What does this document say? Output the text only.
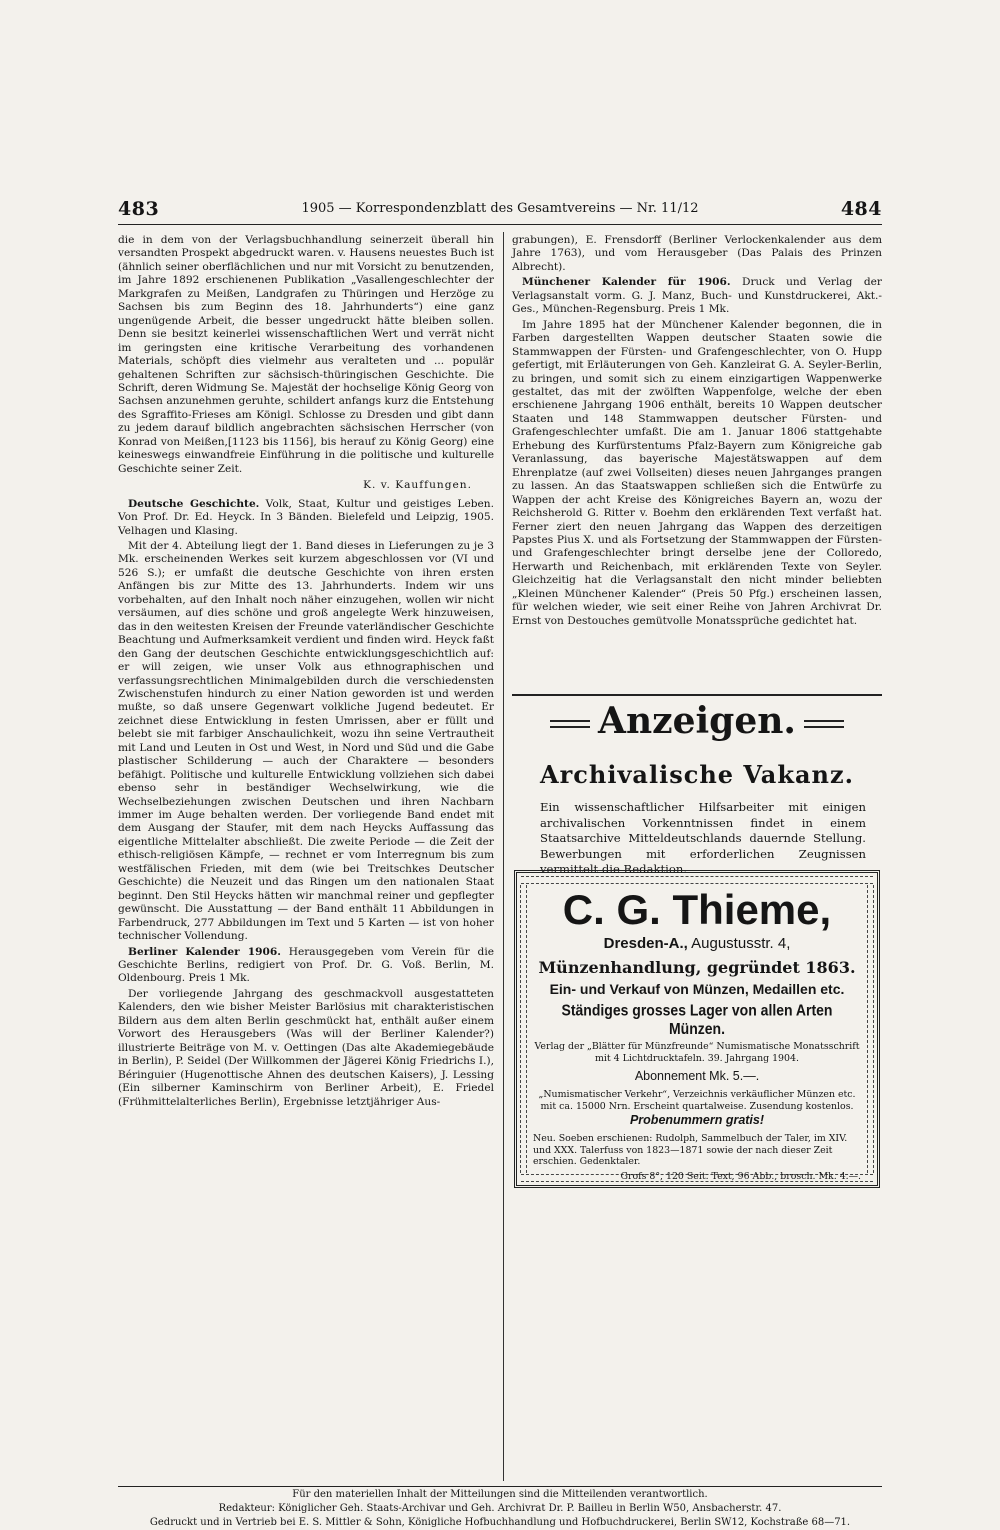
483	1905 — Korrespondenzblatt des Gesamtvereins — Nr. 11/12	484

die in dem von der Verlagsbuchhandlung seinerzeit überall hin versandten Prospekt abgedruckt waren. v. Hausens neuestes Buch ist (ähnlich seiner oberflächlichen und nur mit Vorsicht zu benutzenden, im Jahre 1892 erschienenen Publikation „Vasallengeschlechter der Markgrafen zu Meißen, Landgrafen zu Thüringen und Herzöge zu Sachsen bis zum Beginn des 18. Jahrhunderts“) eine ganz ungenügende Arbeit, die besser ungedruckt hätte bleiben sollen. Denn sie besitzt keinerlei wissenschaftlichen Wert und verrät nicht im geringsten eine kritische Verarbeitung des vorhandenen Materials, schöpft dies vielmehr aus veralteten und ... populär gehaltenen Schriften zur sächsisch-thüringischen Geschichte. Die Schrift, deren Widmung Se. Majestät der hochselige König Georg von Sachsen anzunehmen geruhte, schildert anfangs kurz die Entstehung des Sgraffito-Frieses am Königl. Schlosse zu Dresden und gibt dann zu jedem darauf bildlich angebrachten sächsischen Herrscher (von Konrad von Meißen,[1123 bis 1156], bis herauf zu König Georg) eine keineswegs einwandfreie Einführung in die politische und kulturelle Geschichte seiner Zeit.

K. v. Kauffungen.

Deutsche Geschichte. Volk, Staat, Kultur und geistiges Leben. Von Prof. Dr. Ed. Heyck. In 3 Bänden. Bielefeld und Leipzig, 1905. Velhagen und Klasing.

Mit der 4. Abteilung liegt der 1. Band dieses in Lieferungen zu je 3 Mk. erscheinenden Werkes seit kurzem abgeschlossen vor (VI und 526 S.); er umfaßt die deutsche Geschichte von ihren ersten Anfängen bis zur Mitte des 13. Jahrhunderts. Indem wir uns vorbehalten, auf den Inhalt noch näher einzugehen, wollen wir nicht versäumen, auf dies schöne und groß angelegte Werk hinzuweisen, das in den weitesten Kreisen der Freunde vaterländischer Geschichte Beachtung und Aufmerksamkeit verdient und finden wird. Heyck faßt den Gang der deutschen Geschichte entwicklungsgeschichtlich auf: er will zeigen, wie unser Volk aus ethnographischen und verfassungsrechtlichen Minimalgebilden durch die verschiedensten Zwischenstufen hindurch zu einer Nation geworden ist und werden mußte, so daß unsere Gegenwart volkliche Jugend bedeutet. Er zeichnet diese Entwicklung in festen Umrissen, aber er füllt und belebt sie mit farbiger Anschaulichkeit, wozu ihn seine Vertrautheit mit Land und Leuten in Ost und West, in Nord und Süd und die Gabe plastischer Schilderung — auch der Charaktere — besonders befähigt. Politische und kulturelle Entwicklung vollziehen sich dabei ebenso sehr in beständiger Wechselwirkung, wie die Wechselbeziehungen zwischen Deutschen und ihren Nachbarn immer im Auge behalten werden. Der vorliegende Band endet mit dem Ausgang der Staufer, mit dem nach Heycks Auffassung das eigentliche Mittelalter abschließt. Die zweite Periode — die Zeit der ethisch-religiösen Kämpfe, — rechnet er vom Interregnum bis zum westfälischen Frieden, mit dem (wie bei Treitschkes Deutscher Geschichte) die Neuzeit und das Ringen um den nationalen Staat beginnt. Den Stil Heycks hätten wir manchmal reiner und gepflegter gewünscht. Die Ausstattung — der Band enthält 11 Abbildungen in Farbendruck, 277 Abbildungen im Text und 5 Karten — ist von hoher technischer Vollendung.

Berliner Kalender 1906. Herausgegeben vom Verein für die Geschichte Berlins, redigiert von Prof. Dr. G. Voß. Berlin, M. Oldenbourg. Preis 1 Mk.

Der vorliegende Jahrgang des geschmackvoll ausgestatteten Kalenders, den wie bisher Meister Barlösius mit charakteristischen Bildern aus dem alten Berlin geschmückt hat, enthält außer einem Vorwort des Herausgebers (Was will der Berliner Kalender?) illustrierte Beiträge von M. v. Oettingen (Das alte Akademiegebäude in Berlin), P. Seidel (Der Willkommen der Jägerei König Friedrichs I.), Béringuier (Hugenottische Ahnen des deutschen Kaisers), J. Lessing (Ein silberner Kaminschirm von Berliner Arbeit), E. Friedel (Frühmittelalterliches Berlin), Ergebnisse letztjähriger Aus-

grabungen), E. Frensdorff (Berliner Verlockenkalender aus dem Jahre 1763), und vom Herausgeber (Das Palais des Prinzen Albrecht).

Münchener Kalender für 1906. Druck und Verlag der Verlagsanstalt vorm. G. J. Manz, Buch- und Kunstdruckerei, Akt.-Ges., München-Regensburg. Preis 1 Mk.

Im Jahre 1895 hat der Münchener Kalender begonnen, die in Farben dargestellten Wappen deutscher Staaten sowie die Stammwappen der Fürsten- und Grafengeschlechter, von O. Hupp gefertigt, mit Erläuterungen von Geh. Kanzleirat G. A. Seyler-Berlin, zu bringen, und somit sich zu einem einzigartigen Wappenwerke gestaltet, das mit der zwölften Wappenfolge, welche der eben erschienene Jahrgang 1906 enthält, bereits 10 Wappen deutscher Staaten und 148 Stammwappen deutscher Fürsten- und Grafengeschlechter umfaßt. Die am 1. Januar 1806 stattgehabte Erhebung des Kurfürstentums Pfalz-Bayern zum Königreiche gab Veranlassung, das bayerische Majestätswappen auf dem Ehrenplatze (auf zwei Vollseiten) dieses neuen Jahrganges prangen zu lassen. An das Staatswappen schließen sich die Entwürfe zu Wappen der acht Kreise des Königreiches Bayern an, wozu der Reichsherold G. Ritter v. Boehm den erklärenden Text verfaßt hat. Ferner ziert den neuen Jahrgang das Wappen des derzeitigen Papstes Pius X. und als Fortsetzung der Stammwappen der Fürsten- und Grafengeschlechter bringt derselbe jene der Colloredo, Herwarth und Reichenbach, mit erklärenden Texte von Seyler. Gleichzeitig hat die Verlagsanstalt den nicht minder beliebten „Kleinen Münchener Kalender“ (Preis 50 Pfg.) erscheinen lassen, für welchen wieder, wie seit einer Reihe von Jahren Archivrat Dr. Ernst von Destouches gemütvolle Monatssprüche gedichtet hat.

Anzeigen.
Archivalische Vakanz.

Ein wissenschaftlicher Hilfsarbeiter mit einigen archivalischen Vorkenntnissen findet in einem Staatsarchive Mitteldeutschlands dauernde Stellung. Bewerbungen mit erforderlichen Zeugnissen vermittelt die Redaktion.

C. G. Thieme,
Dresden-A., Augustusstr. 4,
Münzenhandlung, gegründet 1863.
Ein- und Verkauf von Münzen, Medaillen etc.
Ständiges grosses Lager von allen Arten Münzen.
Verlag der „Blätter für Münzfreunde“ Numismatische Monatsschrift mit 4 Lichtdrucktafeln. 39. Jahrgang 1904.
Abonnement Mk. 5.—.
„Numismatischer Verkehr“, Verzeichnis verkäuflicher Münzen etc. mit ca. 15000 Nrn. Erscheint quartalweise. Zusendung kostenlos.
Probenummern gratis!
Neu. Soeben erschienen: Rudolph, Sammelbuch der Taler, im XIV. und XXX. Talerfuss von 1823—1871 sowie der nach dieser Zeit erschien. Gedenktaler.
Grofs 8°, 120 Seit. Text, 96 Abb., brosch. Mk. 4.—.
Für den materiellen Inhalt der Mitteilungen sind die Mitteilenden verantwortlich.
Redakteur: Königlicher Geh. Staats-Archivar und Geh. Archivrat Dr. P. Bailleu in Berlin W50, Ansbacherstr. 47.
Gedruckt und in Vertrieb bei E. S. Mittler & Sohn, Königliche Hofbuchhandlung und Hofbuchdruckerei, Berlin SW12, Kochstraße 68—71.
